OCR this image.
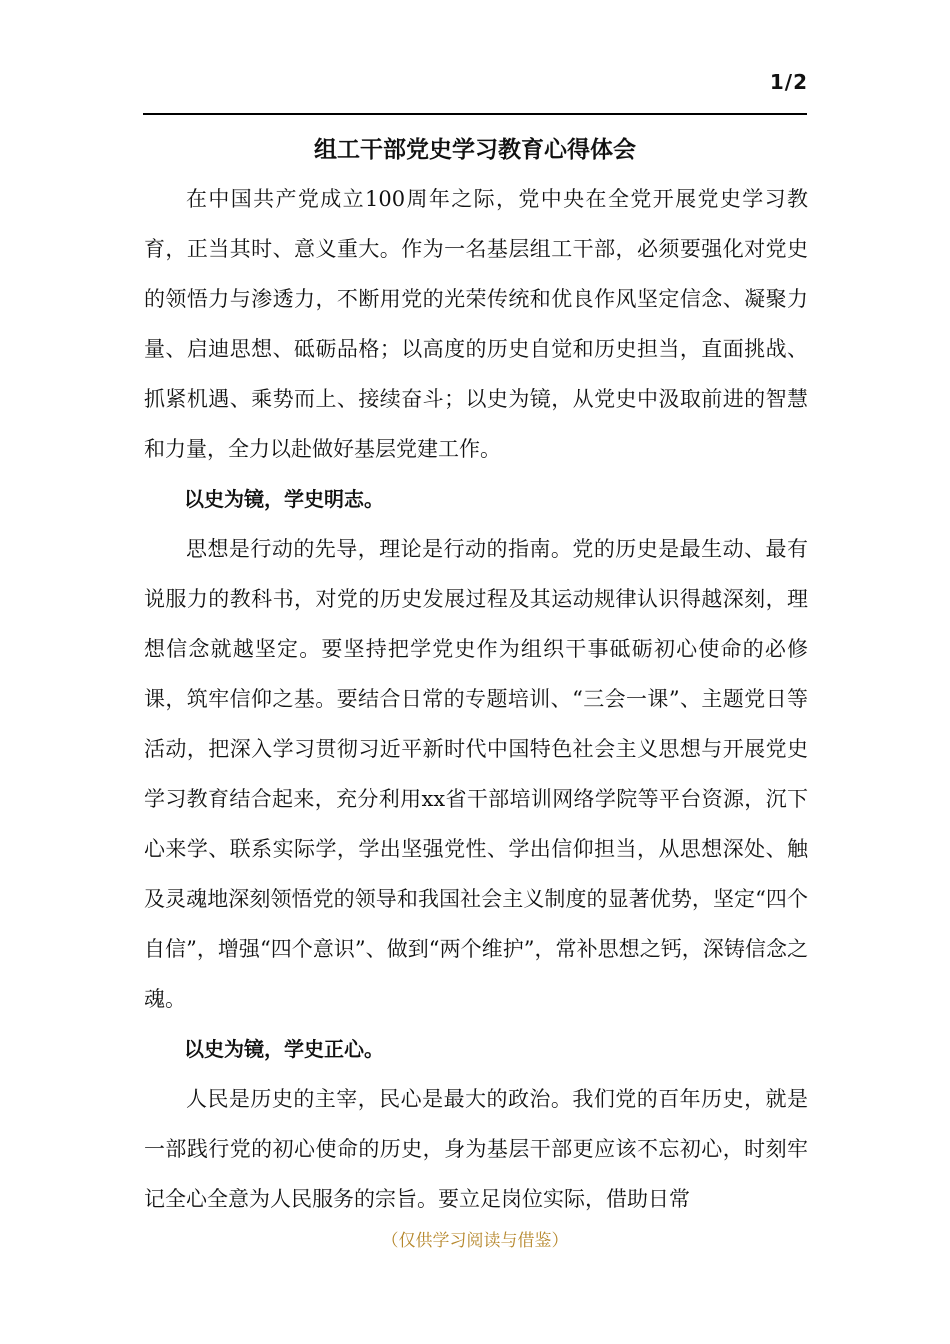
1/2
组工干部党史学习教育心得体会

在中国共产党成立100周年之际，党中央在全党开展党史学习教育，正当其时、意义重大。作为一名基层组工干部，必须要强化对党史的领悟力与渗透力，不断用党的光荣传统和优良作风坚定信念、凝聚力量、启迪思想、砥砺品格；以高度的历史自觉和历史担当，直面挑战、抓紧机遇、乘势而上、接续奋斗；以史为镜，从党史中汲取前进的智慧和力量，全力以赴做好基层党建工作。

以史为镜，学史明志。

思想是行动的先导，理论是行动的指南。党的历史是最生动、最有说服力的教科书，对党的历史发展过程及其运动规律认识得越深刻，理想信念就越坚定。要坚持把学党史作为组织干事砥砺初心使命的必修课，筑牢信仰之基。要结合日常的专题培训、“三会一课”、主题党日等活动，把深入学习贯彻习近平新时代中国特色社会主义思想与开展党史学习教育结合起来，充分利用xx省干部培训网络学院等平台资源，沉下心来学、联系实际学，学出坚强党性、学出信仰担当，从思想深处、触及灵魂地深刻领悟党的领导和我国社会主义制度的显著优势，坚定“四个自信”，增强“四个意识”、做到“两个维护”，常补思想之钙，深铸信念之魂。

以史为镜，学史正心。

人民是历史的主宰，民心是最大的政治。我们党的百年历史，就是一部践行党的初心使命的历史，身为基层干部更应该不忘初心，时刻牢记全心全意为人民服务的宗旨。要立足岗位实际，借助日常

（仅供学习阅读与借鉴）
